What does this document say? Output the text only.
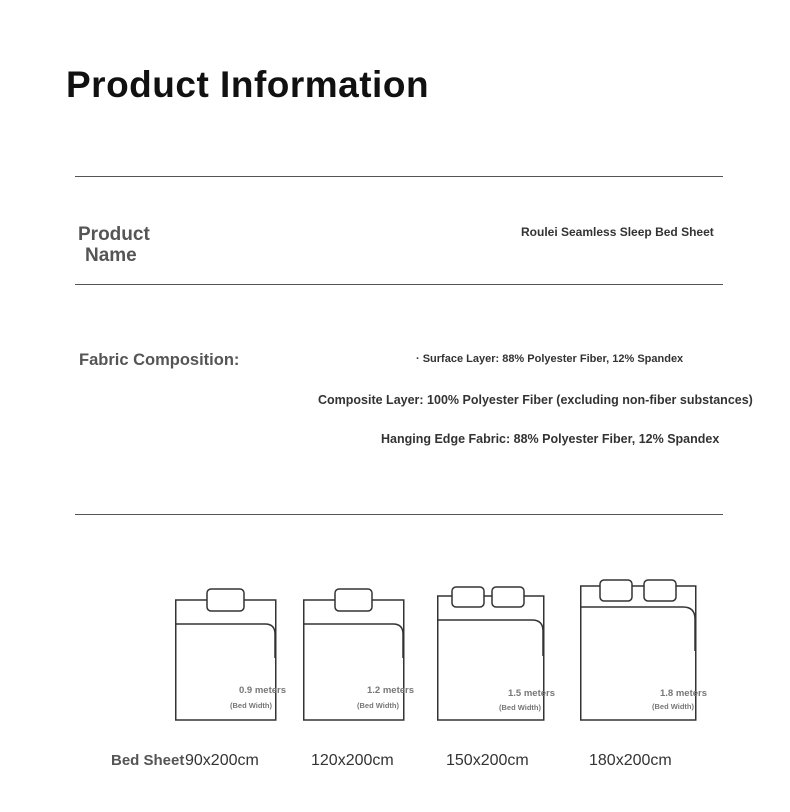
Product Information
Product
Name
Roulei Seamless Sleep Bed Sheet
Fabric Composition:	· Surface Layer: 88% Polyester Fiber, 12% Spandex
Composite Layer: 100% Polyester Fiber (excluding non-fiber substances)
Hanging Edge Fabric: 88% Polyester Fiber, 12% Spandex
0.9 meters
(Bed Width)
1.2 meters
(Bed Width)
1.5 meters
(Bed Width)
1.8 meters
(Bed Width)
90x200cm	120x200cm	150x200cm	180x200cm
Bed Sheet
